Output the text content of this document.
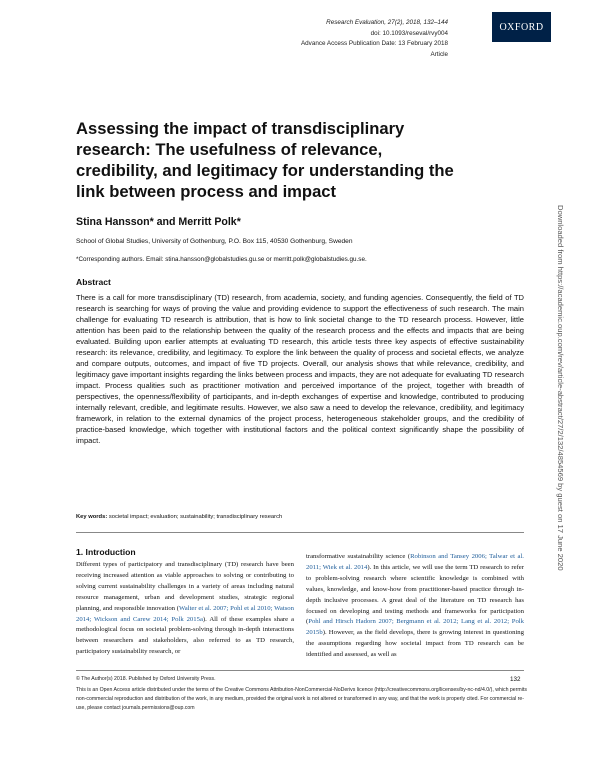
Research Evaluation, 27(2), 2018, 132–144
doi: 10.1093/reseval/rvy004
Advance Access Publication Date: 13 February 2018
Article
OXFORD
Assessing the impact of transdisciplinary research: The usefulness of relevance, credibility, and legitimacy for understanding the link between process and impact
Stina Hansson* and Merritt Polk*
School of Global Studies, University of Gothenburg, P.O. Box 115, 40530 Gothenburg, Sweden
*Corresponding authors. Email: stina.hansson@globalstudies.gu.se or merritt.polk@globalstudies.gu.se.
Abstract
There is a call for more transdisciplinary (TD) research, from academia, society, and funding agencies. Consequently, the field of TD research is searching for ways of proving the value and providing evidence to support the effectiveness of such research. The main challenge for evaluating TD research is attribution, that is how to link societal change to the TD research process. However, little attention has been paid to the relationship between the quality of the research process and the effects and impacts that are being evaluated. Building upon earlier attempts at evaluating TD research, this article tests three key aspects of effective sustainability research: its relevance, credibility, and legitimacy. To explore the link between the quality of process and societal effects, we analyze and compare outputs, outcomes, and impact of five TD projects. Overall, our analysis shows that while relevance, credibility, and legitimacy gave important insights regarding the links between process and impacts, they are not adequate for evaluating TD research impact. Process qualities such as practitioner motivation and perceived importance of the project, together with breadth of perspectives, the openness/flexibility of participants, and in-depth exchanges of expertise and knowledge, contributed to producing internally relevant, credible, and legitimate results. However, we also saw a need to develop the relevance, credibility, and legitimacy framework, in relation to the external dynamics of the project process, heterogeneous stakeholder groups, and the credibility of practice-based knowledge, which together with institutional factors and the political context significantly shape the possibility of impact.
Key words: societal impact; evaluation; sustainability; transdisciplinary research
1. Introduction
Different types of participatory and transdisciplinary (TD) research have been receiving increased attention as viable approaches to solving or contributing to solving current sustainability challenges in a variety of areas including natural resource management, urban and development studies, strategic regional planning, and responsible innovation (Walter et al. 2007; Pohl et al 2010; Watson 2014; Wickson and Carew 2014; Polk 2015a). All of these examples share a methodological focus on societal problem-solving through in-depth interactions between researchers and stakeholders, also referred to as TD research, participatory sustainability research, or
transformative sustainability science (Robinson and Tansey 2006; Talwar et al. 2011; Wiek et al. 2014). In this article, we will use the term TD research to refer to problem-solving research where scientific knowledge is combined with values, knowledge, and know-how from practitioner-based practice through in-depth inclusive processes. A great deal of the literature on TD research has focused on developing and testing methods and frameworks for participation (Pohl and Hirsch Hadorn 2007; Bergmann et al. 2012; Lang et al. 2012; Polk 2015b). However, as the field develops, there is growing interest in questioning the assumptions regarding how societal impact from TD research can be identified and assessed, as well as
© The Author(s) 2018. Published by Oxford University Press.	132
This is an Open Access article distributed under the terms of the Creative Commons Attribution-NonCommercial-NoDerivs licence (http://creativecommons.org/licenses/by-nc-nd/4.0/), which permits non-commercial reproduction and distribution of the work, in any medium, provided the original work is not altered or transformed in any way, and that the work is properly cited. For commercial re-use, please contact journals.permissions@oup.com
Downloaded from https://academic.oup.com/rev/article-abstract/27/2/132/4854569 by guest on 17 June 2020
